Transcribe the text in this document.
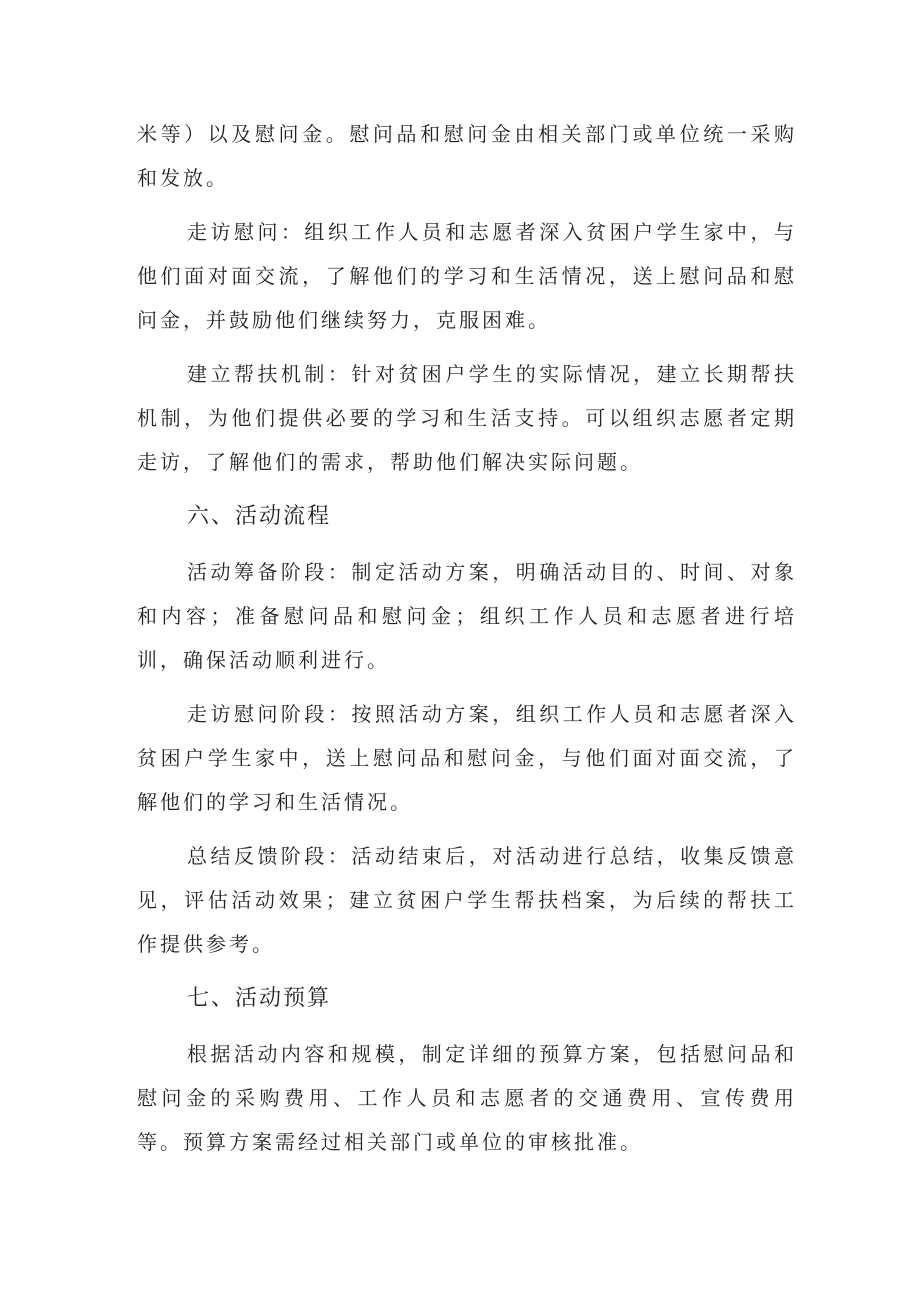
米等）以及慰问金。慰问品和慰问金由相关部门或单位统一采购和发放。

走访慰问：组织工作人员和志愿者深入贫困户学生家中，与他们面对面交流，了解他们的学习和生活情况，送上慰问品和慰问金，并鼓励他们继续努力，克服困难。

建立帮扶机制：针对贫困户学生的实际情况，建立长期帮扶机制，为他们提供必要的学习和生活支持。可以组织志愿者定期走访，了解他们的需求，帮助他们解决实际问题。

六、活动流程

活动筹备阶段：制定活动方案，明确活动目的、时间、对象和内容；准备慰问品和慰问金；组织工作人员和志愿者进行培训，确保活动顺利进行。

走访慰问阶段：按照活动方案，组织工作人员和志愿者深入贫困户学生家中，送上慰问品和慰问金，与他们面对面交流，了解他们的学习和生活情况。

总结反馈阶段：活动结束后，对活动进行总结，收集反馈意见，评估活动效果；建立贫困户学生帮扶档案，为后续的帮扶工作提供参考。

七、活动预算

根据活动内容和规模，制定详细的预算方案，包括慰问品和慰问金的采购费用、工作人员和志愿者的交通费用、宣传费用等。预算方案需经过相关部门或单位的审核批准。
